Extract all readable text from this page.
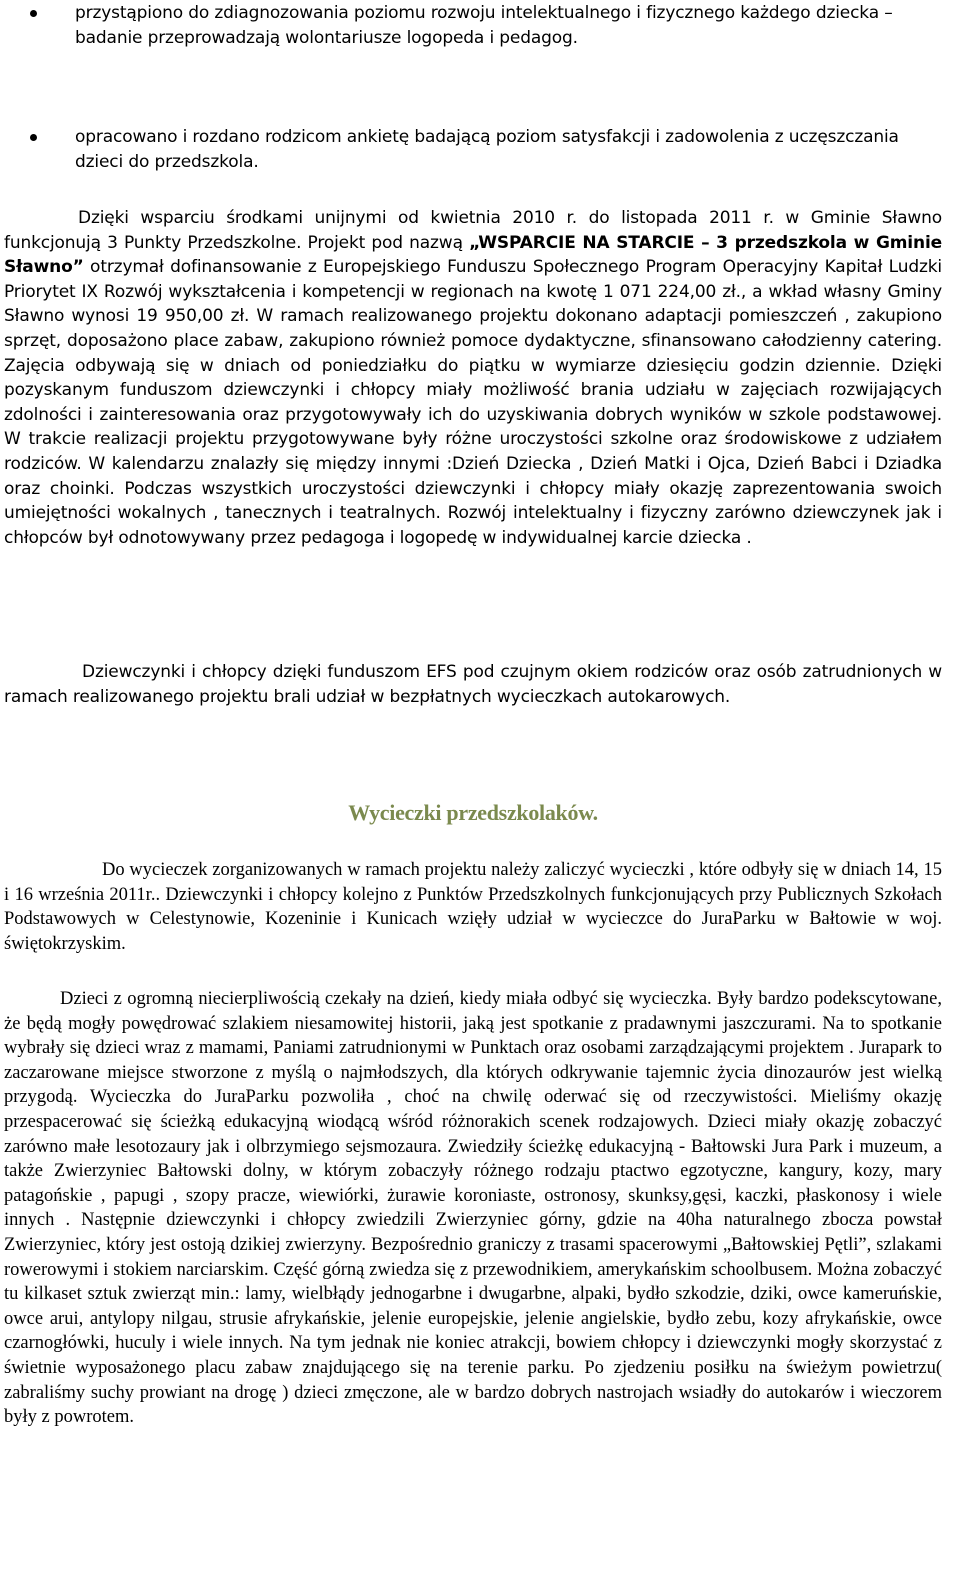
przystąpiono do zdiagnozowania poziomu rozwoju intelektualnego i fizycznego każdego dziecka – badanie przeprowadzają wolontariusze logopeda i pedagog.
opracowano i rozdano rodzicom ankietę badającą poziom satysfakcji i zadowolenia z uczęszczania dzieci do przedszkola.

Dzięki wsparciu środkami unijnymi od kwietnia 2010 r. do listopada 2011 r. w Gminie Sławno funkcjonują 3 Punkty Przedszkolne. Projekt pod nazwą „WSPARCIE NA STARCIE – 3 przedszkola w Gminie Sławno” otrzymał dofinansowanie z Europejskiego Funduszu Społecznego Program Operacyjny Kapitał Ludzki Priorytet IX Rozwój wykształcenia i kompetencji w regionach na kwotę 1 071 224,00 zł., a wkład własny Gminy Sławno wynosi 19 950,00 zł. W ramach realizowanego projektu dokonano adaptacji pomieszczeń , zakupiono sprzęt, doposażono place zabaw, zakupiono również pomoce dydaktyczne, sfinansowano całodzienny catering. Zajęcia odbywają się w dniach od poniedziałku do piątku w wymiarze dziesięciu godzin dziennie. Dzięki pozyskanym funduszom dziewczynki i chłopcy miały możliwość brania udziału w zajęciach rozwijających zdolności i zainteresowania oraz przygotowywały ich do uzyskiwania dobrych wyników w szkole podstawowej. W trakcie realizacji projektu przygotowywane były różne uroczystości szkolne oraz środowiskowe z udziałem rodziców. W kalendarzu znalazły się między innymi :Dzień Dziecka , Dzień Matki i Ojca, Dzień Babci i Dziadka oraz choinki. Podczas wszystkich uroczystości dziewczynki i chłopcy miały okazję zaprezentowania swoich umiejętności wokalnych , tanecznych i teatralnych. Rozwój intelektualny i fizyczny zarówno dziewczynek jak i chłopców był odnotowywany przez pedagoga i logopedę w indywidualnej karcie dziecka .

Dziewczynki i chłopcy dzięki funduszom EFS pod czujnym okiem rodziców oraz osób zatrudnionych w ramach realizowanego projektu brali udział w bezpłatnych wycieczkach autokarowych.

Wycieczki przedszkolaków.

Do wycieczek zorganizowanych w ramach projektu należy zaliczyć wycieczki , które odbyły się w dniach 14, 15 i 16 września 2011r.. Dziewczynki i chłopcy kolejno z Punktów Przedszkolnych funkcjonujących przy Publicznych Szkołach Podstawowych w Celestynowie, Kozeninie i Kunicach wzięły udział w wycieczce do JuraParku w Bałtowie w woj. świętokrzyskim.

Dzieci z ogromną niecierpliwością czekały na dzień, kiedy miała odbyć się wycieczka. Były bardzo podekscytowane, że będą mogły powędrować szlakiem niesamowitej historii, jaką jest spotkanie z pradawnymi jaszczurami. Na to spotkanie wybrały się dzieci wraz z mamami, Paniami zatrudnionymi w Punktach oraz osobami zarządzającymi projektem . Jurapark to zaczarowane miejsce stworzone z myślą o najmłodszych, dla których odkrywanie tajemnic życia dinozaurów jest wielką przygodą. Wycieczka do JuraParku pozwoliła , choć na chwilę oderwać się od rzeczywistości. Mieliśmy okazję przespacerować się ścieżką edukacyjną wiodącą wśród różnorakich scenek rodzajowych. Dzieci miały okazję zobaczyć zarówno małe lesotozaury jak i olbrzymiego sejsmozaura. Zwiedziły ścieżkę edukacyjną - Bałtowski Jura Park i muzeum, a także Zwierzyniec Bałtowski dolny, w którym zobaczyły różnego rodzaju ptactwo egzotyczne, kangury, kozy, mary patagońskie , papugi , szopy pracze, wiewiórki, żurawie koroniaste, ostronosy, skunksy,gęsi, kaczki, płaskonosy i wiele innych . Następnie dziewczynki i chłopcy zwiedzili Zwierzyniec górny, gdzie na 40ha naturalnego zbocza powstał Zwierzyniec, który jest ostoją dzikiej zwierzyny. Bezpośrednio graniczy z trasami spacerowymi „Bałtowskiej Pętli”, szlakami rowerowymi i stokiem narciarskim. Część górną zwiedza się z przewodnikiem, amerykańskim schoolbusem. Można zobaczyć tu kilkaset sztuk zwierząt min.: lamy, wielbłądy jednogarbne i dwugarbne, alpaki, bydło szkodzie, dziki, owce kameruńskie, owce arui, antylopy nilgau, strusie afrykańskie, jelenie europejskie, jelenie angielskie, bydło zebu, kozy afrykańskie, owce czarnogłówki, huculy i wiele innych. Na tym jednak nie koniec atrakcji, bowiem chłopcy i dziewczynki mogły skorzystać z świetnie wyposażonego placu zabaw znajdującego się na terenie parku. Po zjedzeniu posiłku na świeżym powietrzu( zabraliśmy suchy prowiant na drogę ) dzieci zmęczone, ale w bardzo dobrych nastrojach wsiadły do autokarów i wieczorem były z powrotem.
